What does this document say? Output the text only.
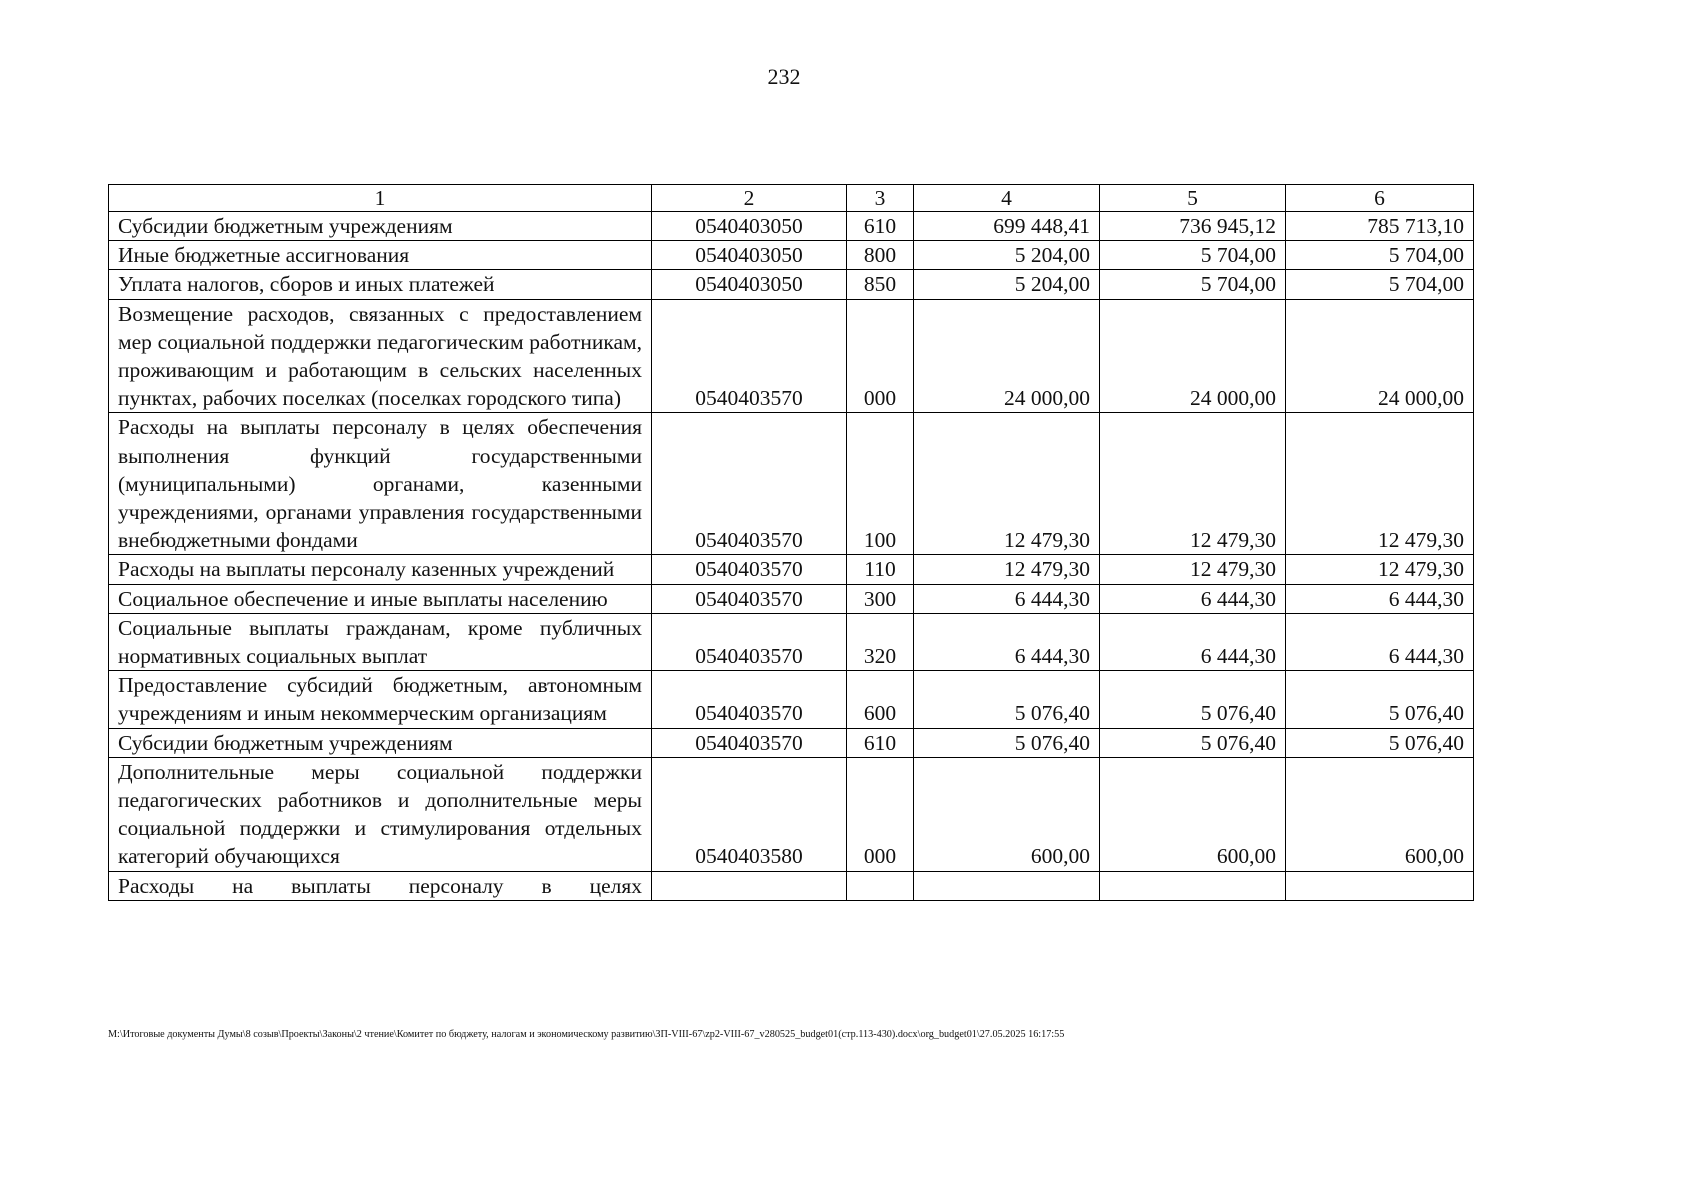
232
1	2	3	4	5	6
Субсидии бюджетным учреждениям	0540403050	610	699 448,41	736 945,12	785 713,10
Иные бюджетные ассигнования	0540403050	800	5 204,00	5 704,00	5 704,00
Уплата налогов, сборов и иных платежей	0540403050	850	5 204,00	5 704,00	5 704,00
Возмещение расходов, связанных с предоставлением мер социальной поддержки педагогическим работникам, проживающим и работающим в сельских населенных пунктах, рабочих поселках (поселках городского типа)	0540403570	000	24 000,00	24 000,00	24 000,00
Расходы на выплаты персоналу в целях обеспечения выполнения функций государственными (муниципальными) органами, казенными учреждениями, органами управления государственными внебюджетными фондами	0540403570	100	12 479,30	12 479,30	12 479,30
Расходы на выплаты персоналу казенных учреждений	0540403570	110	12 479,30	12 479,30	12 479,30
Социальное обеспечение и иные выплаты населению	0540403570	300	6 444,30	6 444,30	6 444,30
Социальные выплаты гражданам, кроме публичных нормативных социальных выплат	0540403570	320	6 444,30	6 444,30	6 444,30
Предоставление субсидий бюджетным, автономным учреждениям и иным некоммерческим организациям	0540403570	600	5 076,40	5 076,40	5 076,40
Субсидии бюджетным учреждениям	0540403570	610	5 076,40	5 076,40	5 076,40
Дополнительные меры социальной поддержки педагогических работников и дополнительные меры социальной поддержки и стимулирования отдельных категорий обучающихся	0540403580	000	600,00	600,00	600,00
Расходы на выплаты персоналу в целях					
M:\Итоговые документы Думы\8 созыв\Проекты\Законы\2 чтение\Комитет по бюджету, налогам и экономическому развитию\ЗП-VIII-67\zp2-VIII-67_v280525_budget01(стр.113-430).docx\org_budget01\27.05.2025 16:17:55
